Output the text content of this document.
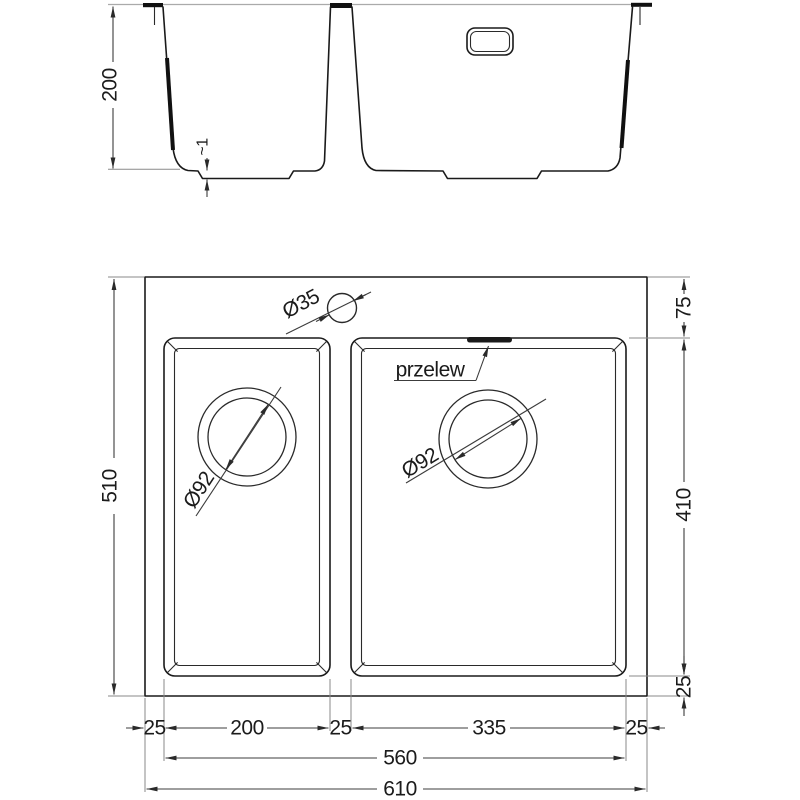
200
~1
przelew
Ø35
Ø92
Ø92
510
75
410
25
25	200	25	335	25
560
610
